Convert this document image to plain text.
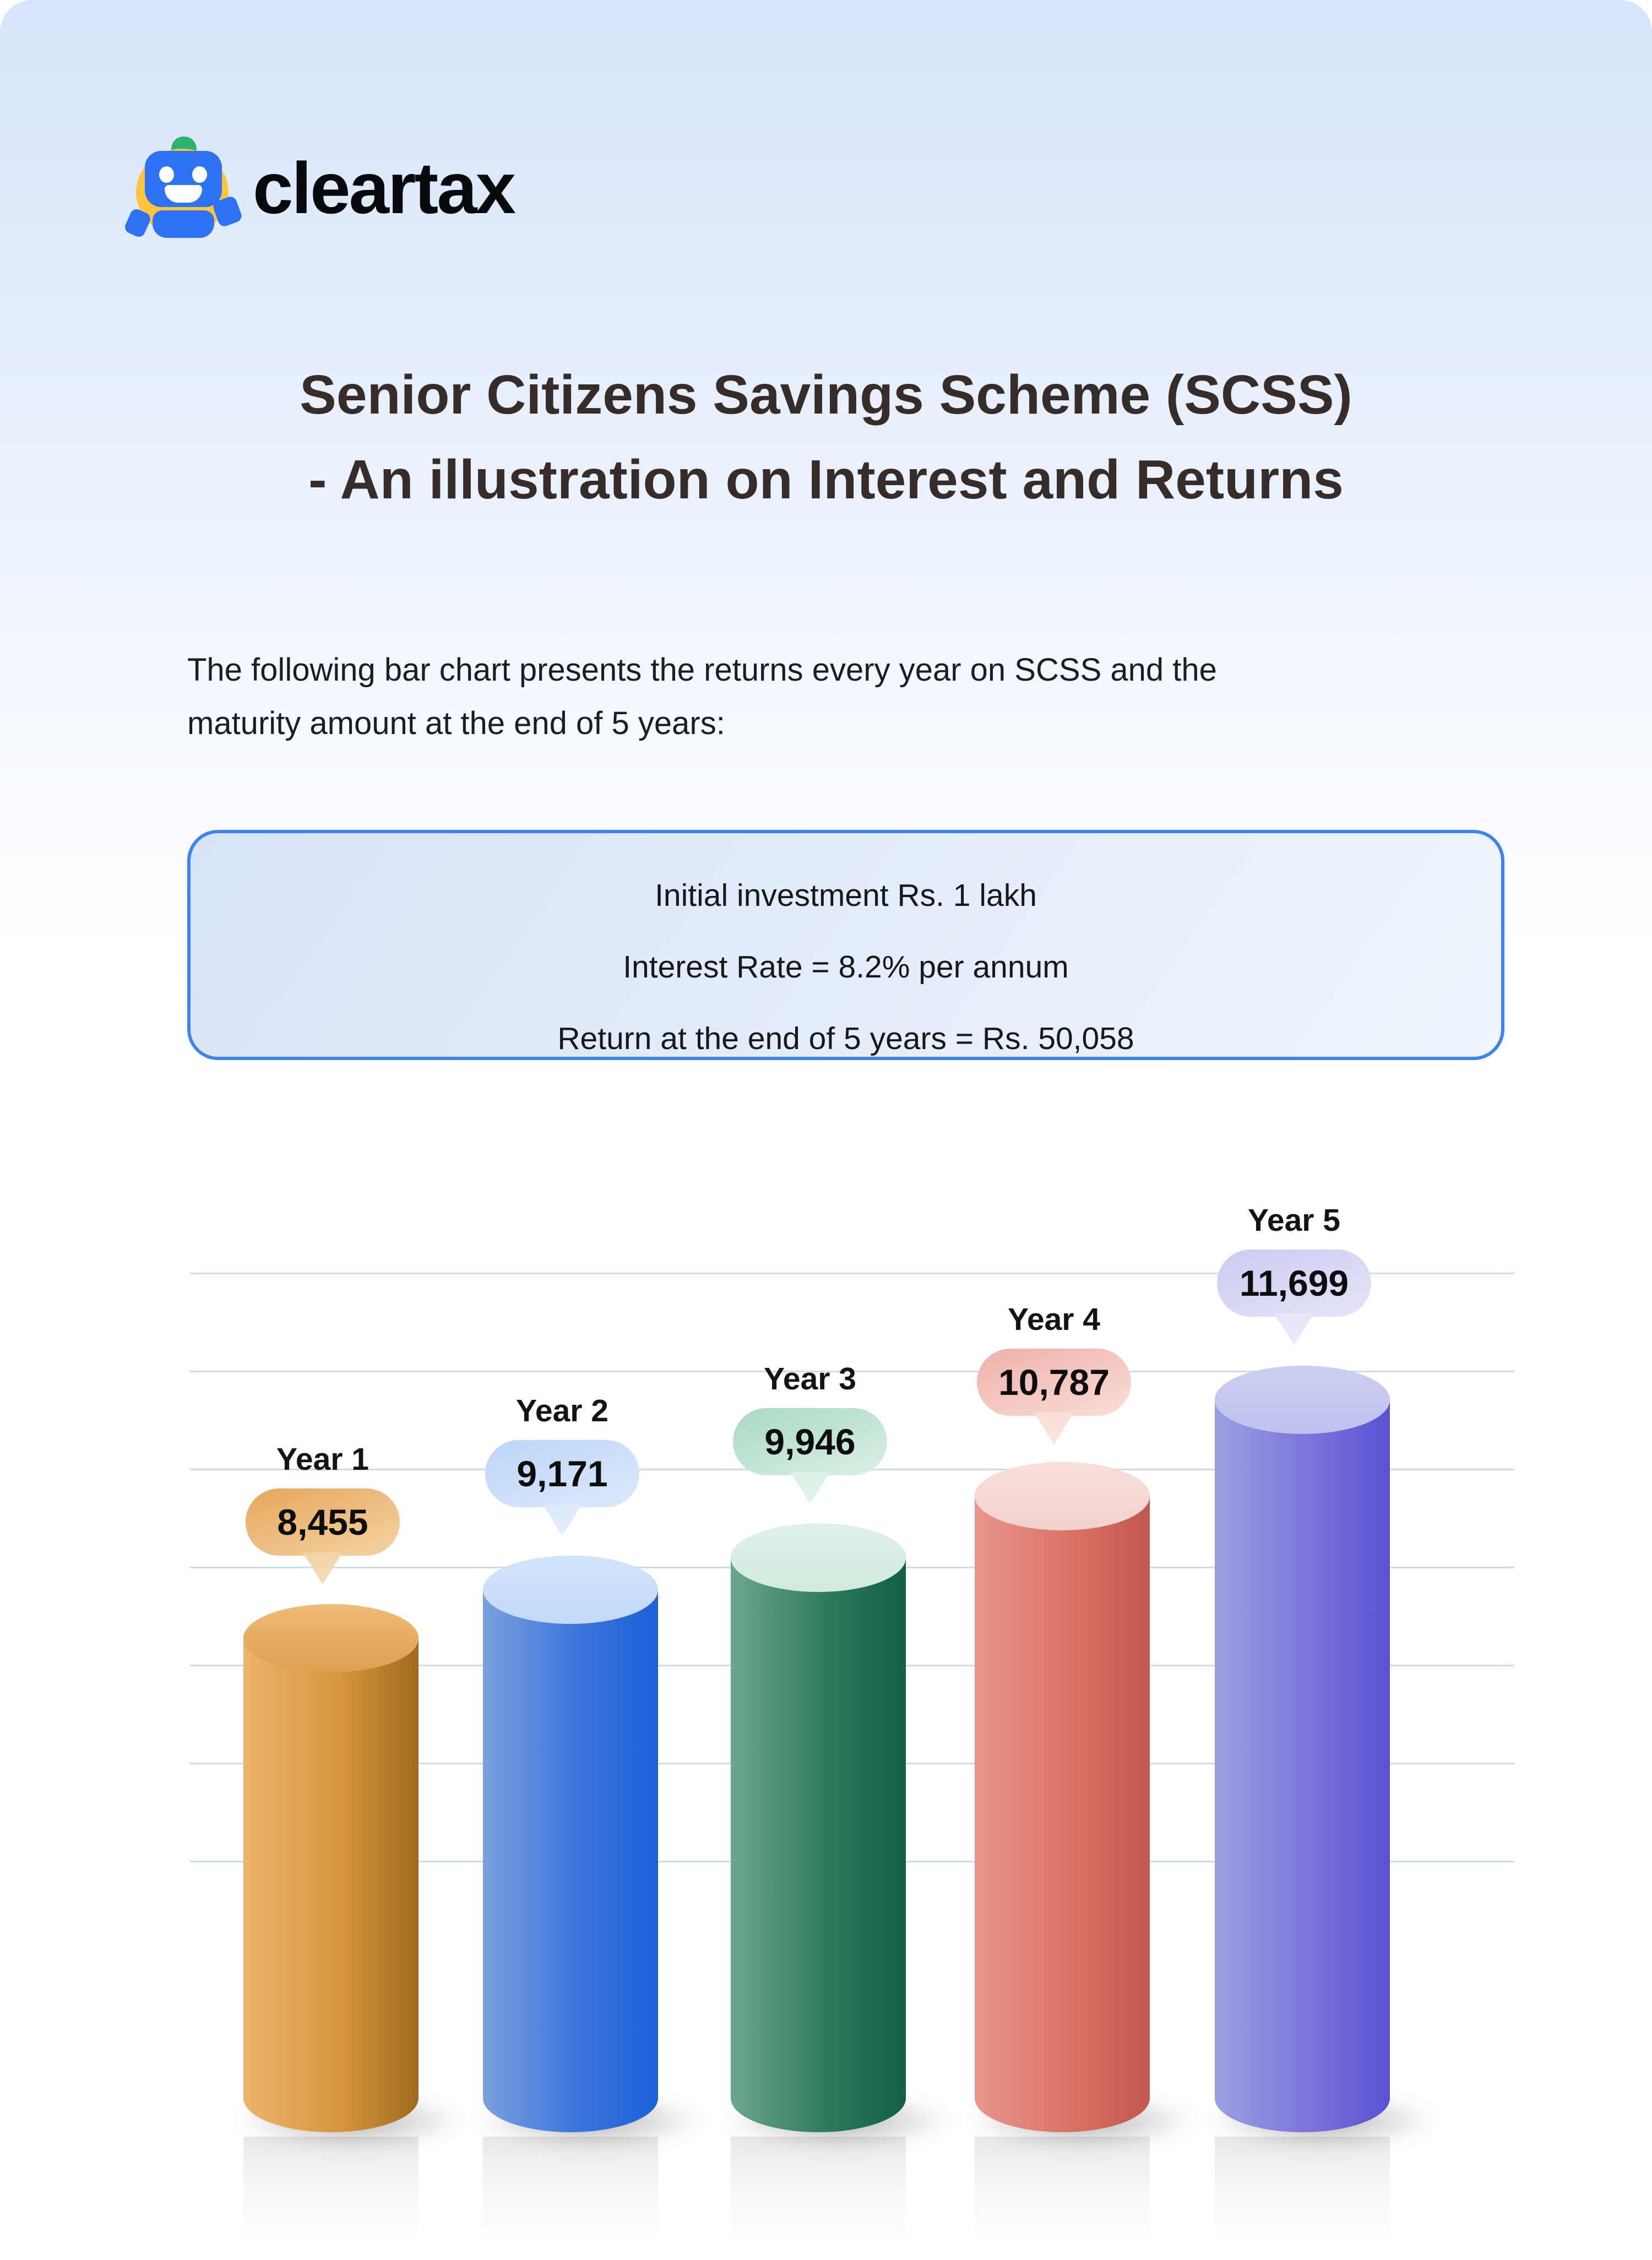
cleartax
Senior Citizens Savings Scheme (SCSS)
- An illustration on Interest and Returns
The following bar chart presents the returns every year on SCSS and the
maturity amount at the end of 5 years:
Initial investment Rs. 1 lakh
Interest Rate = 8.2% per annum
Return at the end of 5 years = Rs. 50,058
8,455
Year 1	9,171
Year 2
9,946
Year 3	10,787
Year 4
11,699
Year 5
